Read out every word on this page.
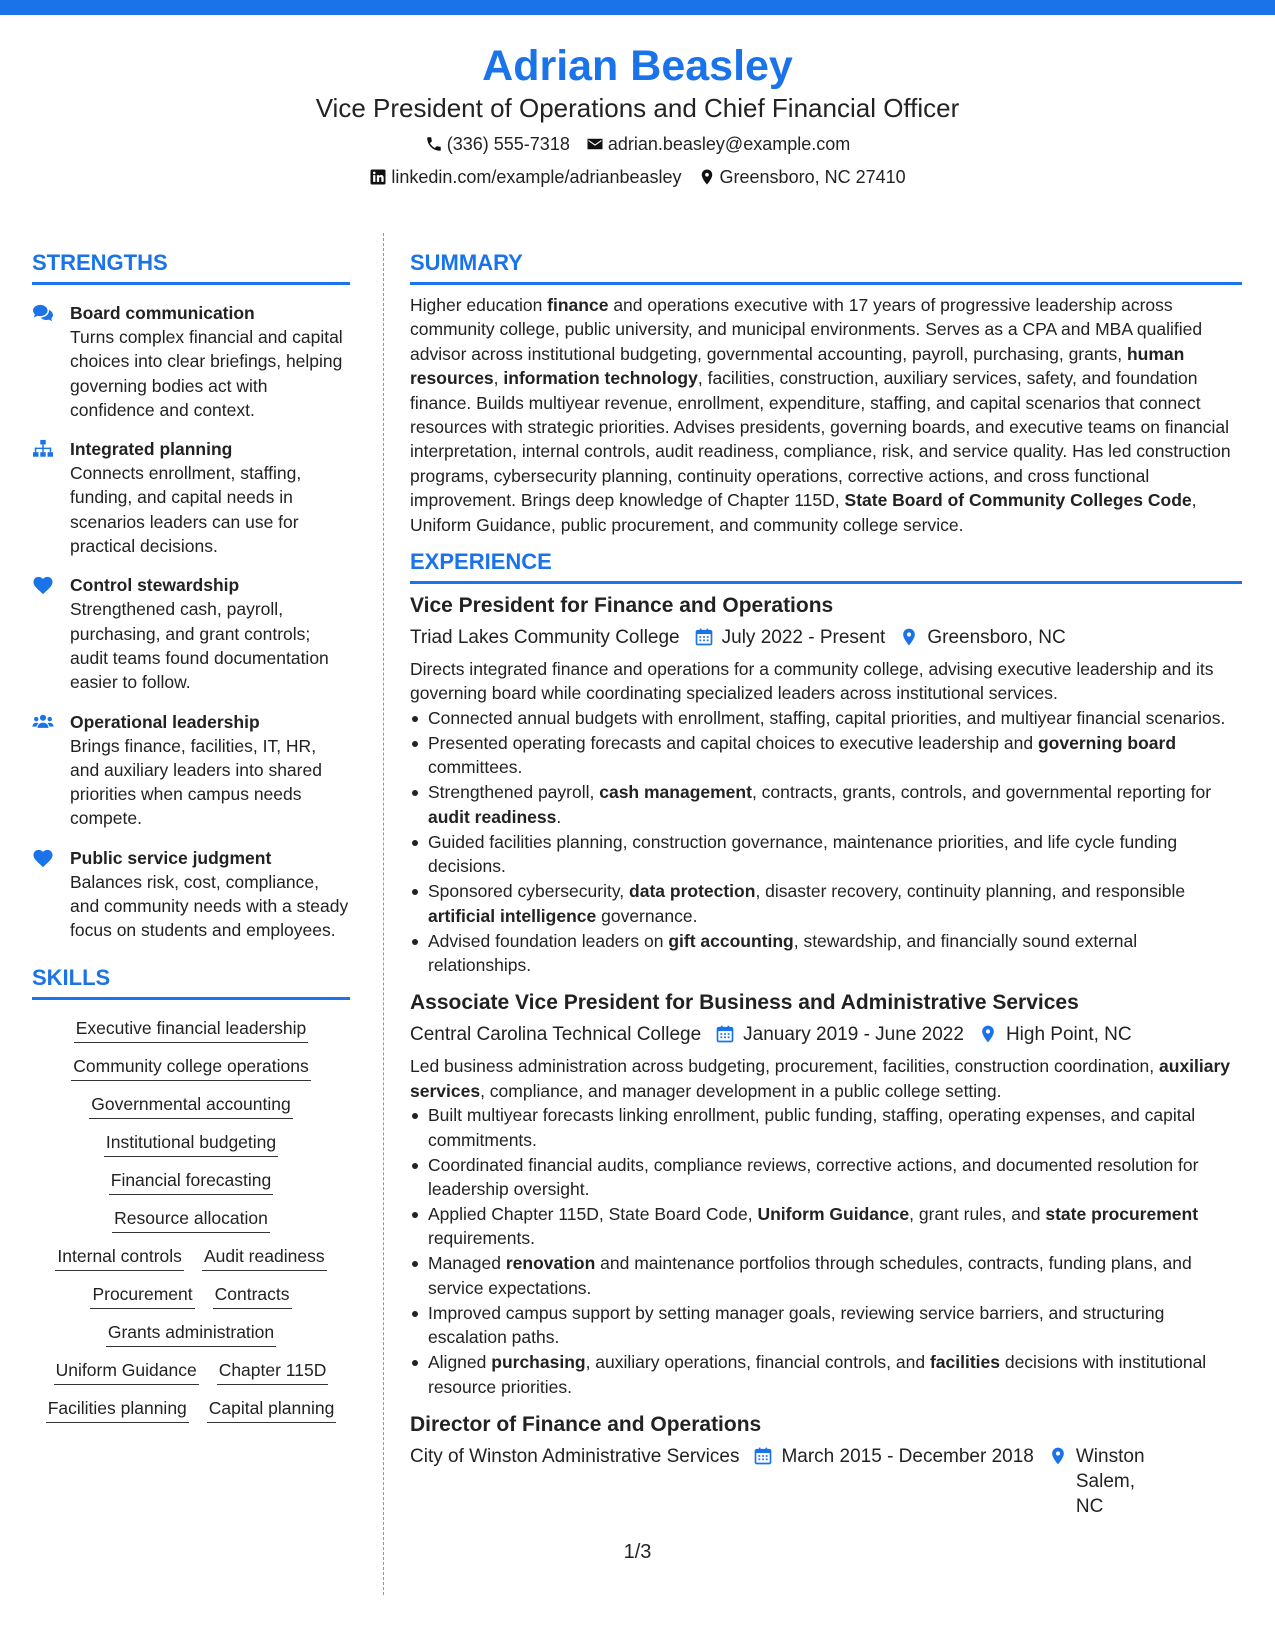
Adrian Beasley
Vice President of Operations and Chief Financial Officer
(336) 555-7318 adrian.beasley@example.com
linkedin.com/example/adrianbeasley Greensboro, NC 27410
STRENGTHS
Board communication
Turns complex financial and capital choices into clear briefings, helping governing bodies act with confidence and context.
Integrated planning
Connects enrollment, staffing, funding, and capital needs in scenarios leaders can use for practical decisions.
Control stewardship
Strengthened cash, payroll, purchasing, and grant controls; audit teams found documentation easier to follow.
Operational leadership
Brings finance, facilities, IT, HR, and auxiliary leaders into shared priorities when campus needs compete.
Public service judgment
Balances risk, cost, compliance, and community needs with a steady focus on students and employees.
SKILLS
Executive financial leadership
Community college operations
Governmental accounting
Institutional budgeting
Financial forecasting
Resource allocation
Internal controls Audit readiness
Procurement Contracts
Grants administration
Uniform Guidance Chapter 115D
Facilities planning Capital planning
SUMMARY
Higher education finance and operations executive with 17 years of progressive leadership across community college, public university, and municipal environments. Serves as a CPA and MBA qualified advisor across institutional budgeting, governmental accounting, payroll, purchasing, grants, human resources, information technology, facilities, construction, auxiliary services, safety, and foundation finance. Builds multiyear revenue, enrollment, expenditure, staffing, and capital scenarios that connect resources with strategic priorities. Advises presidents, governing boards, and executive teams on financial interpretation, internal controls, audit readiness, compliance, risk, and service quality. Has led construction programs, cybersecurity planning, continuity operations, corrective actions, and cross functional improvement. Brings deep knowledge of Chapter 115D, State Board of Community Colleges Code, Uniform Guidance, public procurement, and community college service.
EXPERIENCE
Vice President for Finance and Operations
Triad Lakes Community College July 2022 - Present Greensboro, NC
Directs integrated finance and operations for a community college, advising executive leadership and its governing board while coordinating specialized leaders across institutional services.
Connected annual budgets with enrollment, staffing, capital priorities, and multiyear financial scenarios.
Presented operating forecasts and capital choices to executive leadership and governing board committees.
Strengthened payroll, cash management, contracts, grants, controls, and governmental reporting for audit readiness.
Guided facilities planning, construction governance, maintenance priorities, and life cycle funding decisions.
Sponsored cybersecurity, data protection, disaster recovery, continuity planning, and responsible artificial intelligence governance.
Advised foundation leaders on gift accounting, stewardship, and financially sound external relationships.
Associate Vice President for Business and Administrative Services
Central Carolina Technical College January 2019 - June 2022 High Point, NC
Led business administration across budgeting, procurement, facilities, construction coordination, auxiliary services, compliance, and manager development in a public college setting.
Built multiyear forecasts linking enrollment, public funding, staffing, operating expenses, and capital commitments.
Coordinated financial audits, compliance reviews, corrective actions, and documented resolution for leadership oversight.
Applied Chapter 115D, State Board Code, Uniform Guidance, grant rules, and state procurement requirements.
Managed renovation and maintenance portfolios through schedules, contracts, funding plans, and service expectations.
Improved campus support by setting manager goals, reviewing service barriers, and structuring escalation paths.
Aligned purchasing, auxiliary operations, financial controls, and facilities decisions with institutional resource priorities.
Director of Finance and Operations
City of Winston Administrative Services March 2015 - December 2018 Winston Salem, NC
1/3
